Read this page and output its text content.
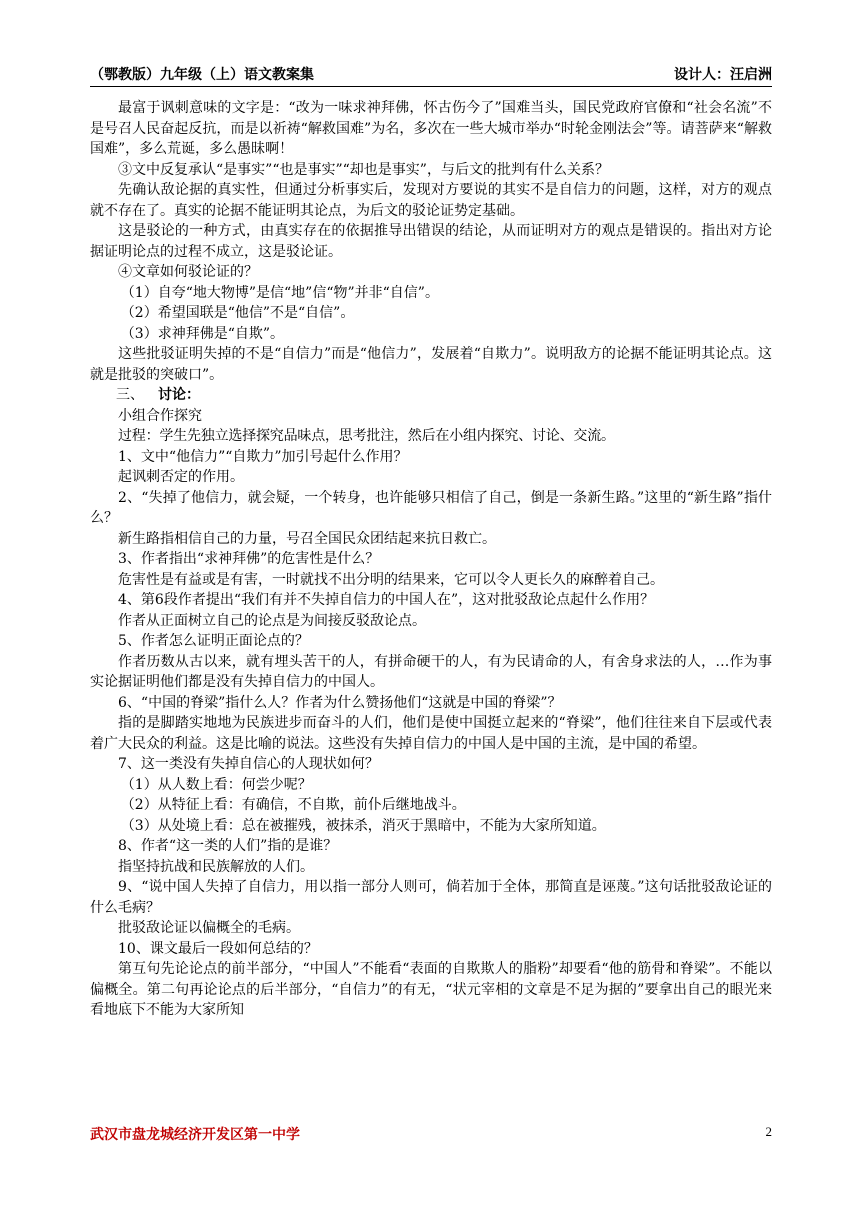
（鄂教版）九年级（上）语文教案集	设计人：汪启洲

最富于讽刺意味的文字是：“改为一味求神拜佛，怀古伤今了”国难当头，国民党政府官僚和“社会名流”不是号召人民奋起反抗，而是以祈祷“解救国难”为名，多次在一些大城市举办“时轮金刚法会”等。请菩萨来“解救国难”，多么荒诞，多么愚昧啊！

③文中反复承认“是事实”“也是事实”“却也是事实”，与后文的批判有什么关系？

先确认敌论据的真实性，但通过分析事实后，发现对方要说的其实不是自信力的问题，这样，对方的观点就不存在了。真实的论据不能证明其论点，为后文的驳论证势定基础。

这是驳论的一种方式，由真实存在的依据推导出错误的结论，从而证明对方的观点是错误的。指出对方论据证明论点的过程不成立，这是驳论证。

④文章如何驳论证的？

（1）自夸“地大物博”是信“地”信“物”并非“自信”。

（2）希望国联是“他信”不是“自信”。

（3）求神拜佛是“自欺”。

这些批驳证明失掉的不是“自信力”而是“他信力”，发展着“自欺力”。说明敌方的论据不能证明其论点。这就是批驳的突破口”。

三、	讨论：

小组合作探究

过程：学生先独立选择探究品味点，思考批注，然后在小组内探究、讨论、交流。

1、文中“他信力”“自欺力”加引号起什么作用？

起讽刺否定的作用。

2、“失掉了他信力，就会疑，一个转身，也许能够只相信了自己，倒是一条新生路。”这里的“新生路”指什么？

新生路指相信自己的力量，号召全国民众团结起来抗日救亡。

3、作者指出“求神拜佛”的危害性是什么？

危害性是有益或是有害，一时就找不出分明的结果来，它可以令人更长久的麻醉着自己。

4、第6段作者提出“我们有并不失掉自信力的中国人在”，这对批驳敌论点起什么作用？

作者从正面树立自己的论点是为间接反驳敌论点。

5、作者怎么证明正面论点的？

作者历数从古以来，就有埋头苦干的人，有拼命硬干的人，有为民请命的人，有舍身求法的人，…作为事实论据证明他们都是没有失掉自信力的中国人。

6、“中国的脊梁”指什么人？作者为什么赞扬他们“这就是中国的脊梁”？

指的是脚踏实地地为民族进步而奋斗的人们，他们是使中国挺立起来的“脊梁”，他们往往来自下层或代表着广大民众的利益。这是比喻的说法。这些没有失掉自信力的中国人是中国的主流，是中国的希望。

7、这一类没有失掉自信心的人现状如何？

（1）从人数上看：何尝少呢？

（2）从特征上看：有确信，不自欺，前仆后继地战斗。

（3）从处境上看：总在被摧残，被抹杀，消灭于黑暗中，不能为大家所知道。

8、作者“这一类的人们”指的是谁？

指坚持抗战和民族解放的人们。

9、“说中国人失掉了自信力，用以指一部分人则可，倘若加于全体，那简直是诬蔑。”这句话批驳敌论证的什么毛病？

批驳敌论证以偏概全的毛病。

10、课文最后一段如何总结的？

第互句先论论点的前半部分，“中国人”不能看“表面的自欺欺人的脂粉”却要看“他的筋骨和脊梁”。不能以偏概全。第二句再论论点的后半部分，“自信力”的有无，“状元宰相的文章是不足为据的”要拿出自己的眼光来看地底下不能为大家所知

武汉市盘龙城经济开发区第一中学	2
